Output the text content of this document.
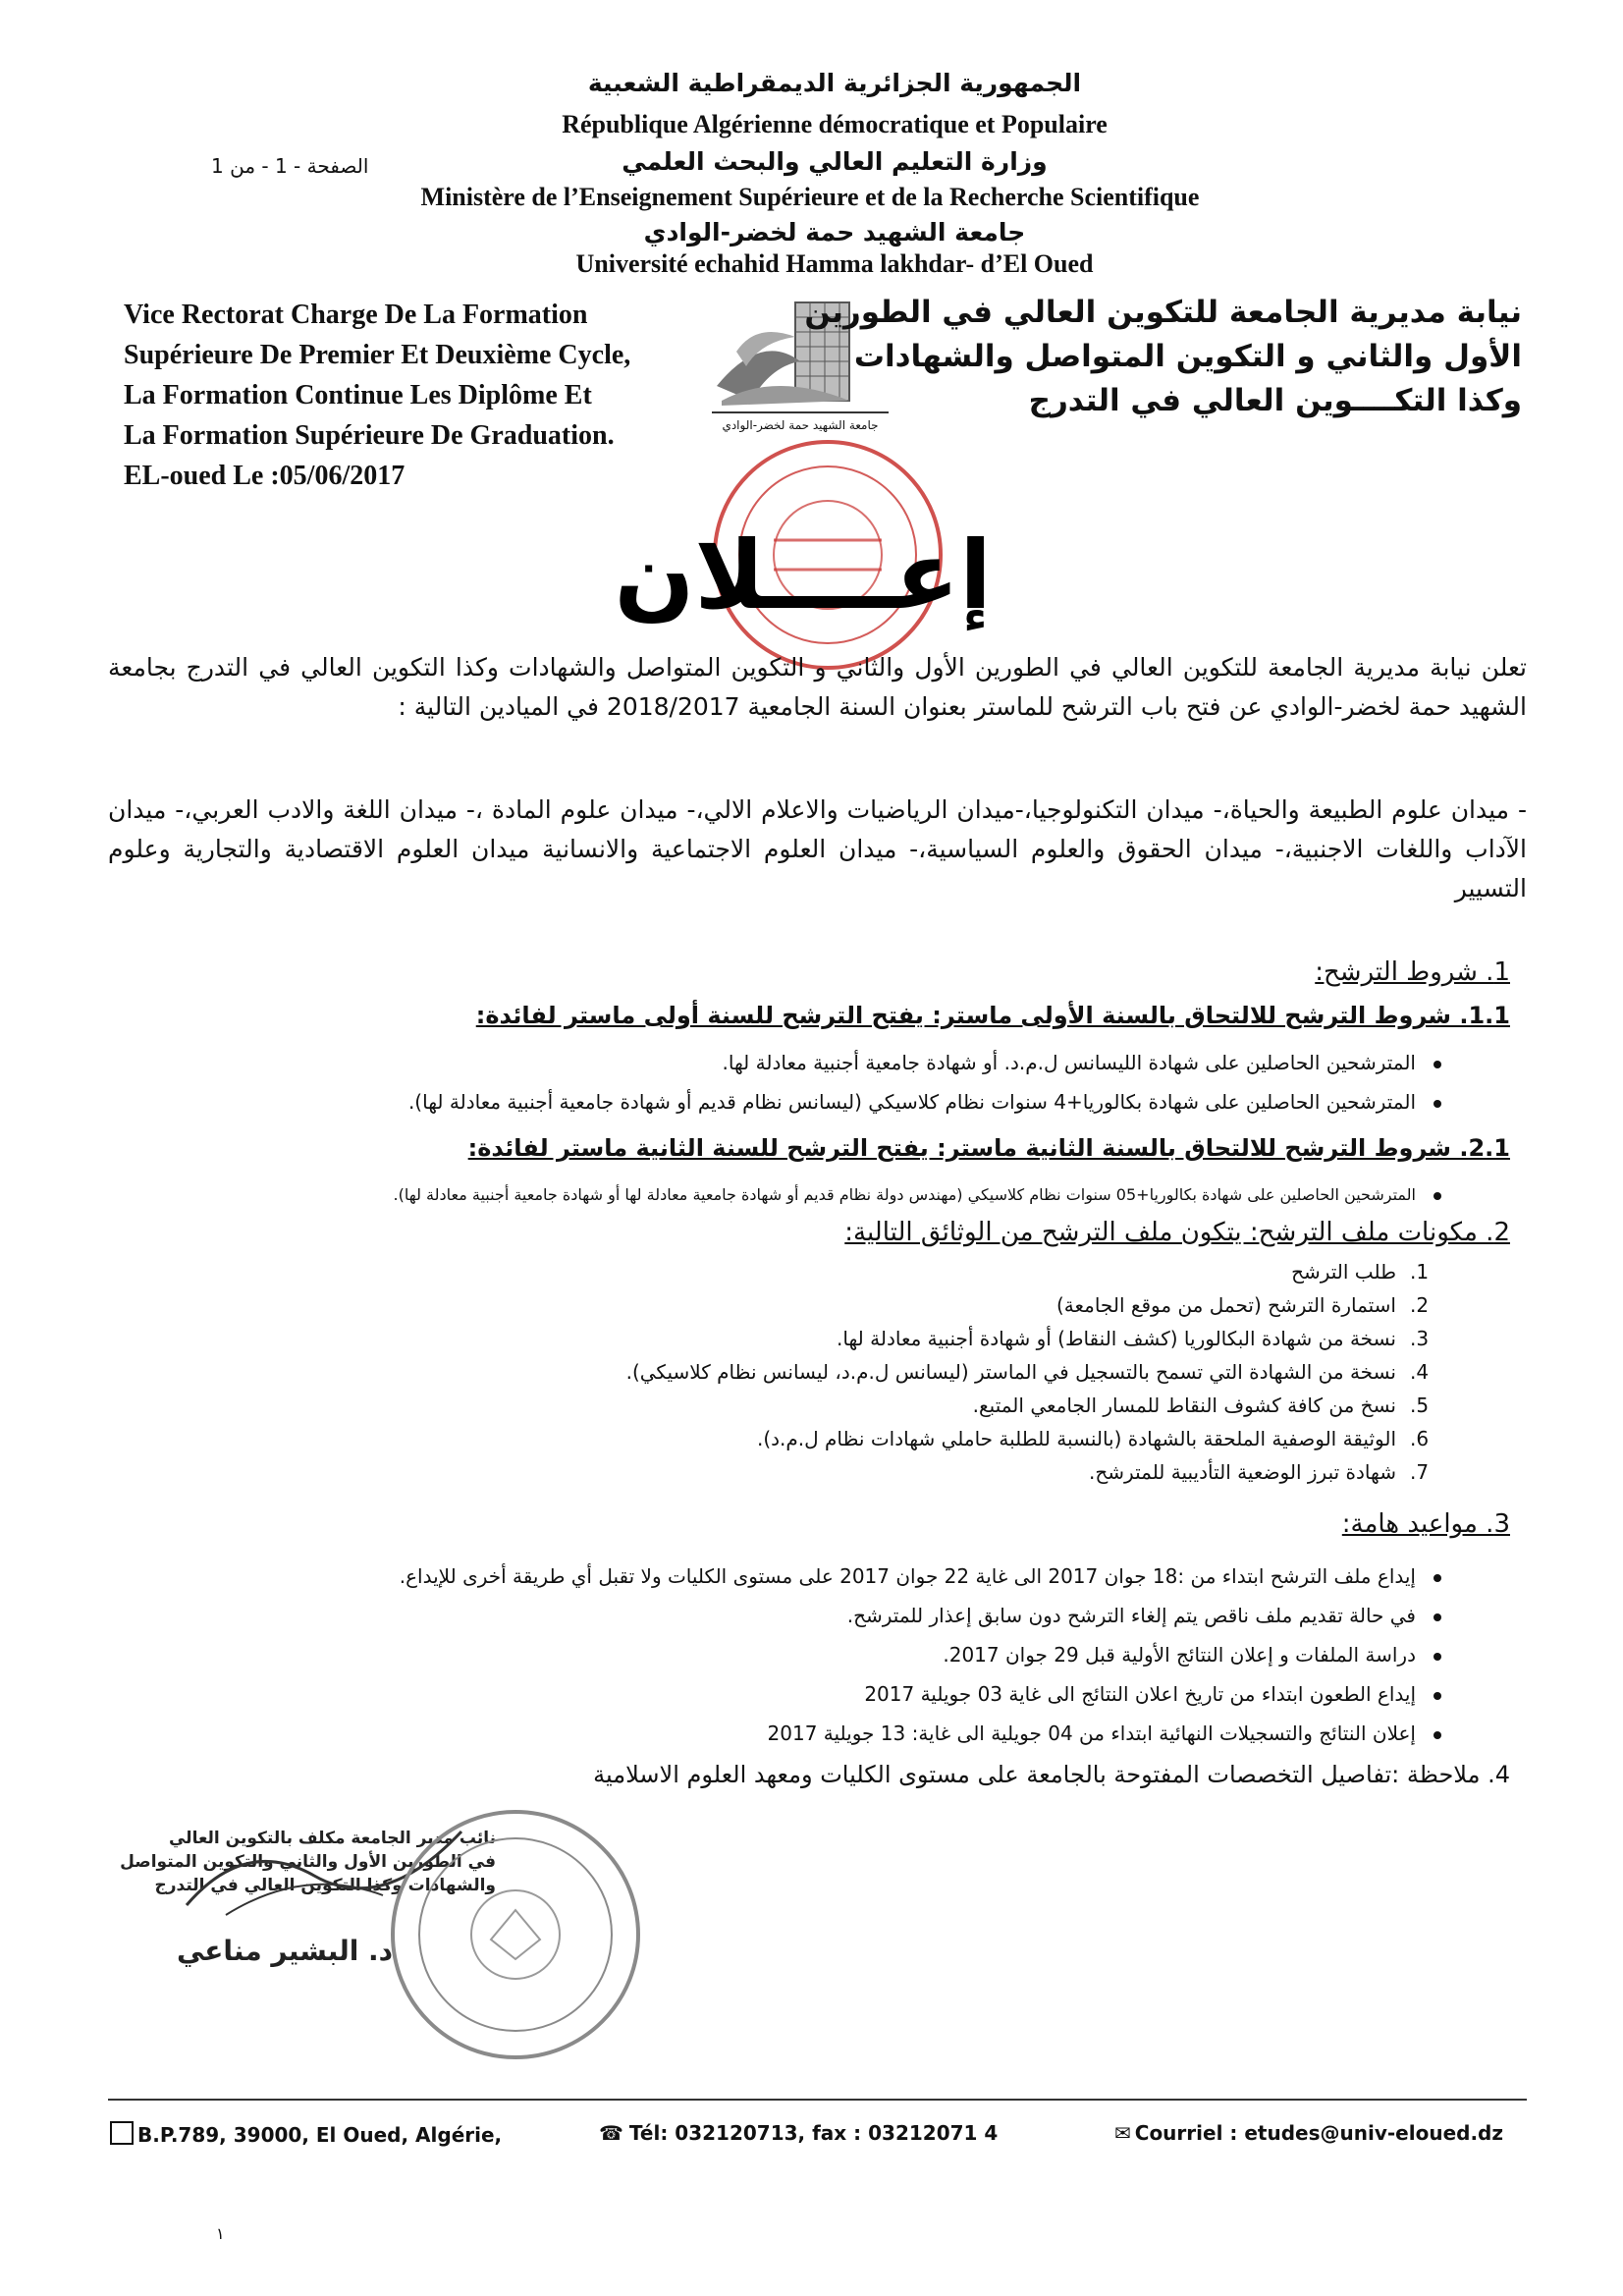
الجمهورية الجزائرية الديمقراطية الشعبية
République Algérienne démocratique et Populaire
وزارة التعليم العالي والبحث العلمي
الصفحة - 1 - من 1
Ministère de l’Enseignement Supérieure et de la Recherche Scientifique
جامعة الشهيد حمة لخضر-الوادي
Université echahid Hamma lakhdar- d’El Oued
Vice Rectorat Charge De La Formation
Supérieure De Premier Et Deuxième Cycle,
La Formation Continue Les Diplôme Et
La Formation Supérieure De Graduation.
EL-oued Le :05/06/2017
جامعة الشهيد حمة لخضر-الوادي
نيابة مديرية الجامعة للتكوين العالي في الطورين
الأول والثاني و التكوين المتواصل والشهادات
وكذا التكــــوين العالي في التدرج
إعــــلان
تعلن نيابة مديرية الجامعة للتكوين العالي في الطورين الأول والثاني و التكوين المتواصل والشهادات وكذا التكوين العالي في التدرج بجامعة الشهيد حمة لخضر-الوادي عن فتح باب الترشح للماستر بعنوان السنة الجامعية 2018/2017 في الميادين التالية :
- ميدان علوم الطبيعة والحياة،- ميدان التكنولوجيا،-ميدان الرياضيات والاعلام الالي،- ميدان علوم المادة ،- ميدان اللغة والادب العربي،- ميدان الآداب واللغات الاجنبية،- ميدان الحقوق والعلوم السياسية،- ميدان العلوم الاجتماعية والانسانية ميدان العلوم الاقتصادية والتجارية وعلوم التسيير
1. شروط الترشح:
1.1. شروط الترشح للالتحاق بالسنة الأولى ماستر: يفتح الترشح للسنة أولى ماستر لفائدة:
المترشحين الحاصلين على شهادة الليسانس ل.م.د. أو شهادة جامعية أجنبية معادلة لها.
المترشحين الحاصلين على شهادة بكالوريا+4 سنوات نظام كلاسيكي (ليسانس نظام قديم أو شهادة جامعية أجنبية معادلة لها).
2.1. شروط الترشح للالتحاق بالسنة الثانية ماستر: يفتح الترشح للسنة الثانية ماستر لفائدة:
المترشحين الحاصلين على شهادة بكالوريا+05 سنوات نظام كلاسيكي (مهندس دولة نظام قديم أو شهادة جامعية معادلة لها أو شهادة جامعية أجنبية معادلة لها).
2. مكونات ملف الترشح: يتكون ملف الترشح من الوثائق التالية:
1.طلب الترشح
2.استمارة الترشح (تحمل من موقع الجامعة)
3.نسخة من شهادة البكالوريا (كشف النقاط) أو شهادة أجنبية معادلة لها.
4.نسخة من الشهادة التي تسمح بالتسجيل في الماستر (ليسانس ل.م.د، ليسانس نظام كلاسيكي).
5.نسخ من كافة كشوف النقاط للمسار الجامعي المتبع.
6.الوثيقة الوصفية الملحقة بالشهادة (بالنسبة للطلبة حاملي شهادات نظام ل.م.د).
7.شهادة تبرز الوضعية التأديبية للمترشح.
3. مواعيد هامة:
إيداع ملف الترشح ابتداء من :18 جوان 2017 الى غاية 22 جوان 2017 على مستوى الكليات ولا تقبل أي طريقة أخرى للإيداع.
في حالة تقديم ملف ناقص يتم إلغاء الترشح دون سابق إعذار للمترشح.
دراسة الملفات و إعلان النتائج الأولية قبل 29 جوان 2017.
إيداع الطعون ابتداء من تاريخ اعلان النتائج الى غاية 03 جويلية 2017
إعلان النتائج والتسجيلات النهائية ابتداء من 04 جويلية الى غاية: 13 جويلية 2017
4. ملاحظة :تفاصيل التخصصات المفتوحة بالجامعة على مستوى الكليات ومعهد العلوم الاسلامية
نائب مدير الجامعة مكلف بالتكوين العالي
في الطورين الأول والثاني والتكوين المتواصل
والشهادات وكذا التكوين العالي في التدرج
د. البشير مناعي
B.P.789, 39000, El Oued, Algérie,	☎ Tél: 032120713, fax : 03212071 4	✉ Courriel : etudes@univ-eloued.dz
١
